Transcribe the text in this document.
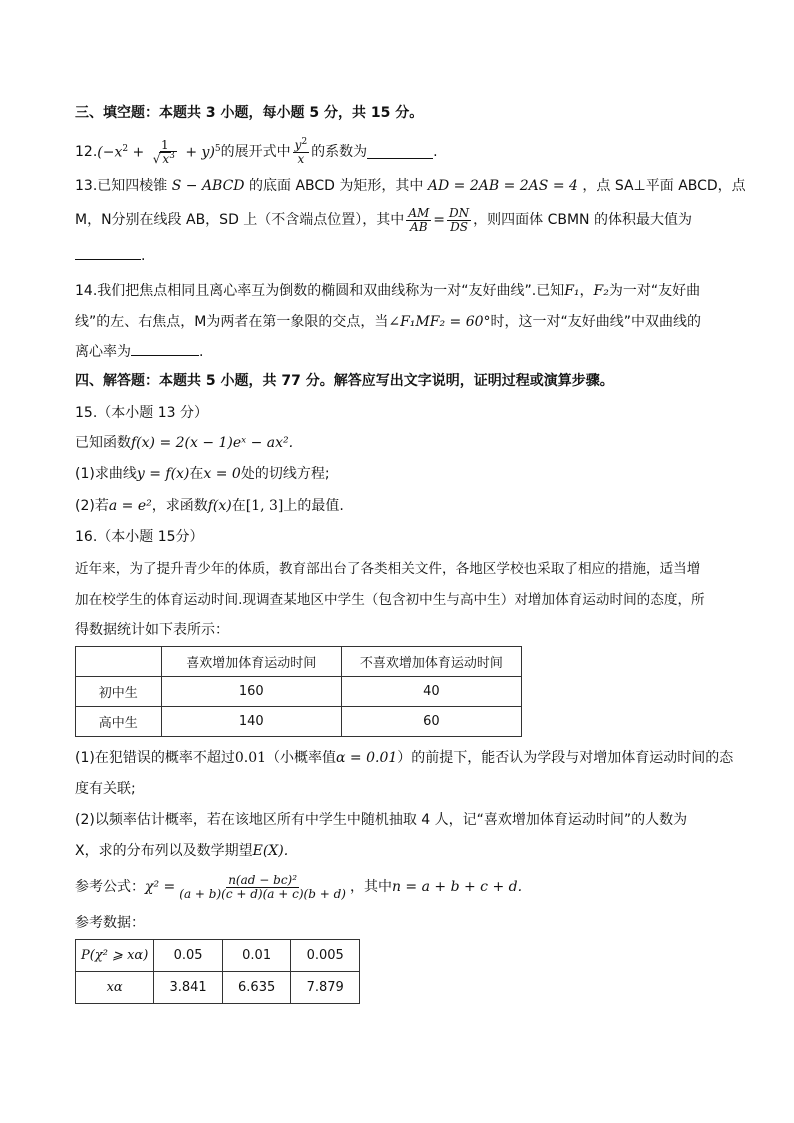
三、填空题：本题共 3 小题，每小题 5 分，共 15 分。
12. $(-x^2 + \frac{1}{√ x^3} + y)^5$ 的展开式中 $\frac{y^2}{x}$ 的系数为	.
13.已知四棱锥 S − ABCD 的底面 ABCD 为矩形，其中 AD = 2AB = 2AS = 4 ，点 SA⊥平面 ABCD，点
M，N分别在线段 AB，SD 上（不含端点位置），其中 $\frac{AM}{AB} = \frac{DN}{DS}$ ，则四面体 CBMN 的体积最大值为
.
14.我们把焦点相同且离心率互为倒数的椭圆和双曲线称为一对“友好曲线”.已知F₁，F₂为一对“友好曲
线”的左、右焦点，M为两者在第一象限的交点，当∠F₁MF₂ = 60°时，这一对“友好曲线”中双曲线的
离心率为	.
四、解答题：本题共 5 小题，共 77 分。解答应写出文字说明，证明过程或演算步骤。
15.（本小题 13 分）
已知函数f(x) = 2(x − 1)eˣ − ax².
(1)求曲线y = f(x)在x = 0处的切线方程;
(2)若a = e²，求函数f(x)在[1, 3]上的最值.
16.（本小题 15分）
近年来，为了提升青少年的体质，教育部出台了各类相关文件，各地区学校也采取了相应的措施，适当增
加在校学生的体育运动时间.现调查某地区中学生（包含初中生与高中生）对增加体育运动时间的态度，所
得数据统计如下表所示：
	喜欢增加体育运动时间	不喜欢增加体育运动时间
初中生	160	40
高中生	140	60
(1)在犯错误的概率不超过0.01（小概率值α = 0.01）的前提下，能否认为学段与对增加体育运动时间的态
度有关联;
(2)以频率估计概率，若在该地区所有中学生中随机抽取 4 人，记“喜欢增加体育运动时间”的人数为
X，求的分布列以及数学期望E(X).
参考公式： $\chi^2 = \frac{\text{n(ad − bc)²}}{(a + b)(c + d)(a + c)(b + d)}$ ，其中 n = a + b + c + d.
参考数据：
P(χ² ⩾ xα)	0.05	0.01	0.005
xα	3.841	6.635	7.879
